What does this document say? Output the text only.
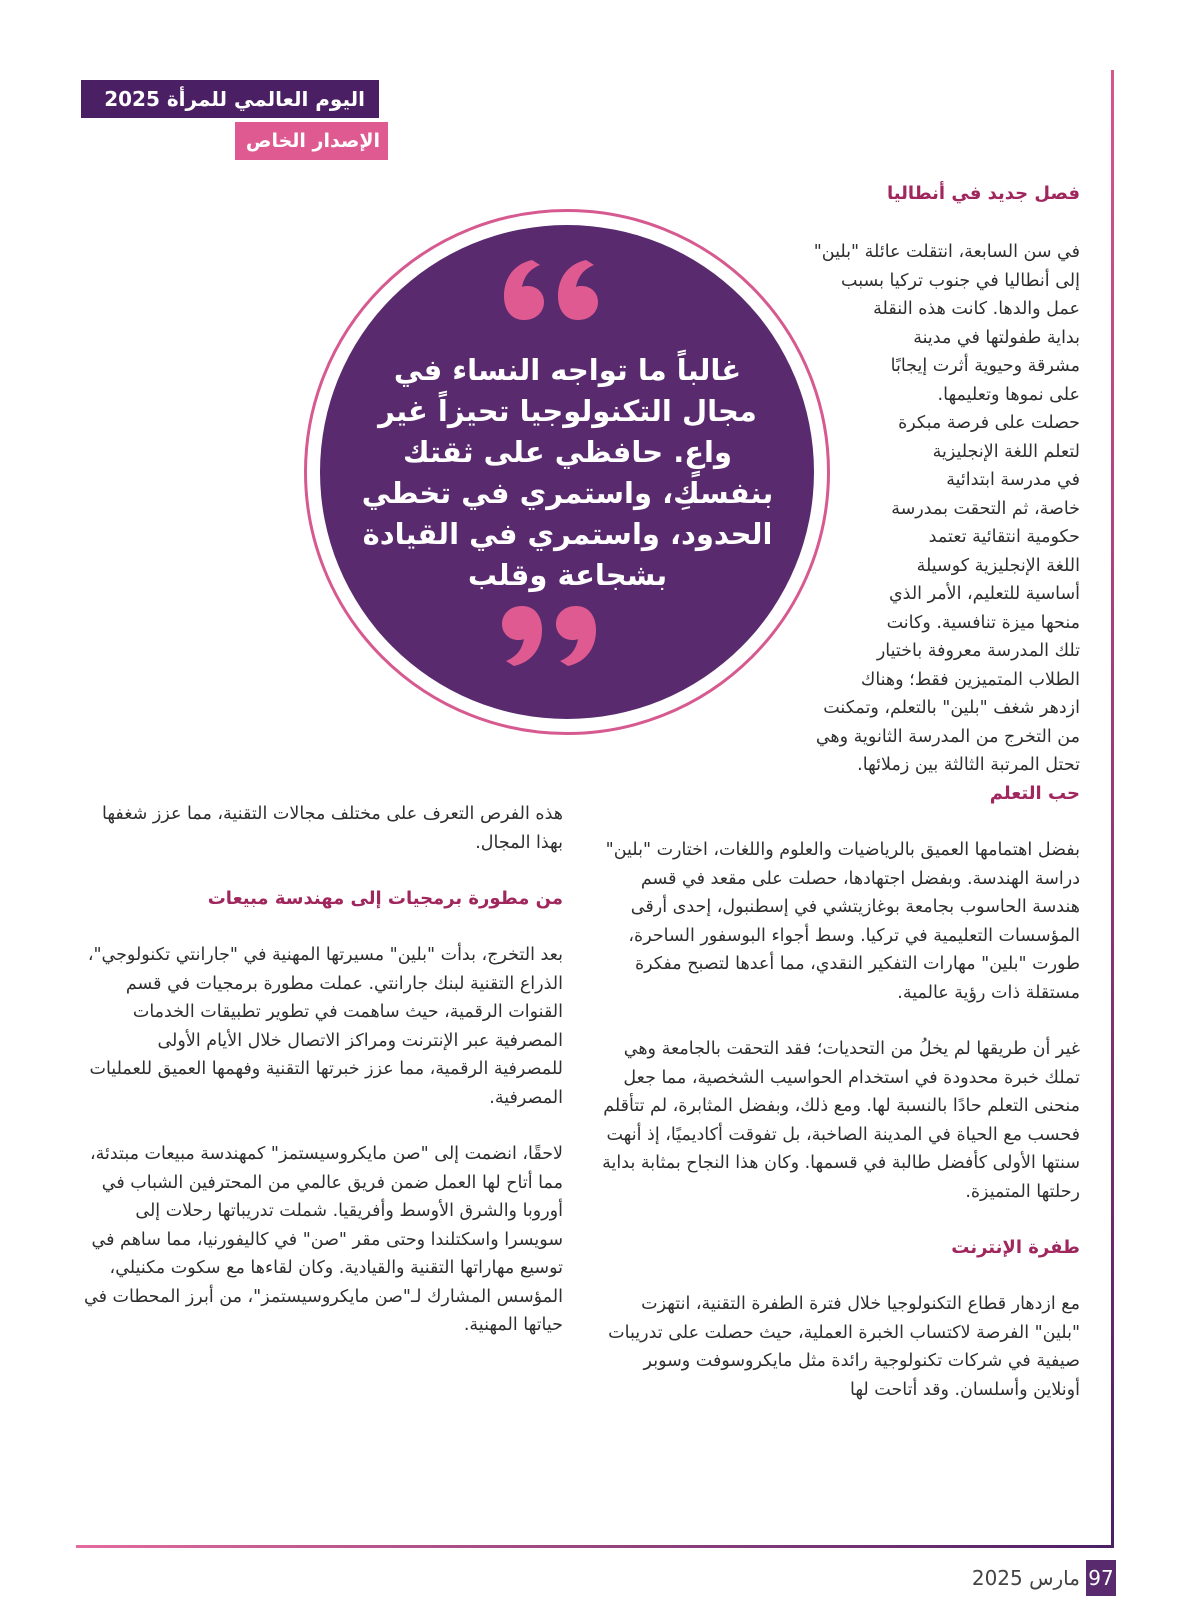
اليوم العالمي للمرأة 2025
الإصدار الخاص
غالباً ما تواجه النساء في مجال التكنولوجيا تحيزاً غير واعٍ. حافظي على ثقتك بنفسكِ، واستمري في تخطي الحدود، واستمري في القيادة بشجاعة وقلب
فصل جديد في أنطاليا

في سن السابعة، انتقلت عائلة "بلين"

إلى أنطاليا في جنوب تركيا بسبب

عمل والدها. كانت هذه النقلة

بداية طفولتها في مدينة

مشرقة وحيوية أثرت إيجابًا

على نموها وتعليمها.

حصلت على فرصة مبكرة

لتعلم اللغة الإنجليزية

في مدرسة ابتدائية

خاصة، ثم التحقت بمدرسة

حكومية انتقائية تعتمد

اللغة الإنجليزية كوسيلة

أساسية للتعليم، الأمر الذي

منحها ميزة تنافسية. وكانت

تلك المدرسة معروفة باختيار

الطلاب المتميزين فقط؛ وهناك

ازدهر شغف "بلين" بالتعلم، وتمكنت

من التخرج من المدرسة الثانوية وهي

تحتل المرتبة الثالثة بين زملائها.

حب التعلم

بفضل اهتمامها العميق بالرياضيات والعلوم واللغات، اختارت "بلين" دراسة الهندسة. وبفضل اجتهادها، حصلت على مقعد في قسم هندسة الحاسوب بجامعة بوغازيتشي في إسطنبول، إحدى أرقى المؤسسات التعليمية في تركيا. وسط أجواء البوسفور الساحرة، طورت "بلين" مهارات التفكير النقدي، مما أعدها لتصبح مفكرة مستقلة ذات رؤية عالمية.

غير أن طريقها لم يخلُ من التحديات؛ فقد التحقت بالجامعة وهي تملك خبرة محدودة في استخدام الحواسيب الشخصية، مما جعل منحنى التعلم حادًا بالنسبة لها. ومع ذلك، وبفضل المثابرة، لم تتأقلم فحسب مع الحياة في المدينة الصاخبة، بل تفوقت أكاديميًا، إذ أنهت سنتها الأولى كأفضل طالبة في قسمها. وكان هذا النجاح بمثابة بداية رحلتها المتميزة.

طفرة الإنترنت

مع ازدهار قطاع التكنولوجيا خلال فترة الطفرة التقنية، انتهزت "بلين" الفرصة لاكتساب الخبرة العملية، حيث حصلت على تدريبات صيفية في شركات تكنولوجية رائدة مثل مايكروسوفت وسوبر أونلاين وأسلسان. وقد أتاحت لها

هذه الفرص التعرف على مختلف مجالات التقنية، مما عزز شغفها بهذا المجال.

من مطورة برمجيات إلى مهندسة مبيعات

بعد التخرج، بدأت "بلين" مسيرتها المهنية في "جارانتي تكنولوجي"، الذراع التقنية لبنك جارانتي. عملت مطورة برمجيات في قسم القنوات الرقمية، حيث ساهمت في تطوير تطبيقات الخدمات المصرفية عبر الإنترنت ومراكز الاتصال خلال الأيام الأولى للمصرفية الرقمية، مما عزز خبرتها التقنية وفهمها العميق للعمليات المصرفية.

لاحقًا، انضمت إلى "صن مايكروسيستمز" كمهندسة مبيعات مبتدئة، مما أتاح لها العمل ضمن فريق عالمي من المحترفين الشباب في أوروبا والشرق الأوسط وأفريقيا. شملت تدريباتها رحلات إلى سويسرا واسكتلندا وحتى مقر "صن" في كاليفورنيا، مما ساهم في توسيع مهاراتها التقنية والقيادية. وكان لقاءها مع سكوت مكنيلي، المؤسس المشارك لـ"صن مايكروسيستمز"، من أبرز المحطات في حياتها المهنية.

مارس 2025 97
